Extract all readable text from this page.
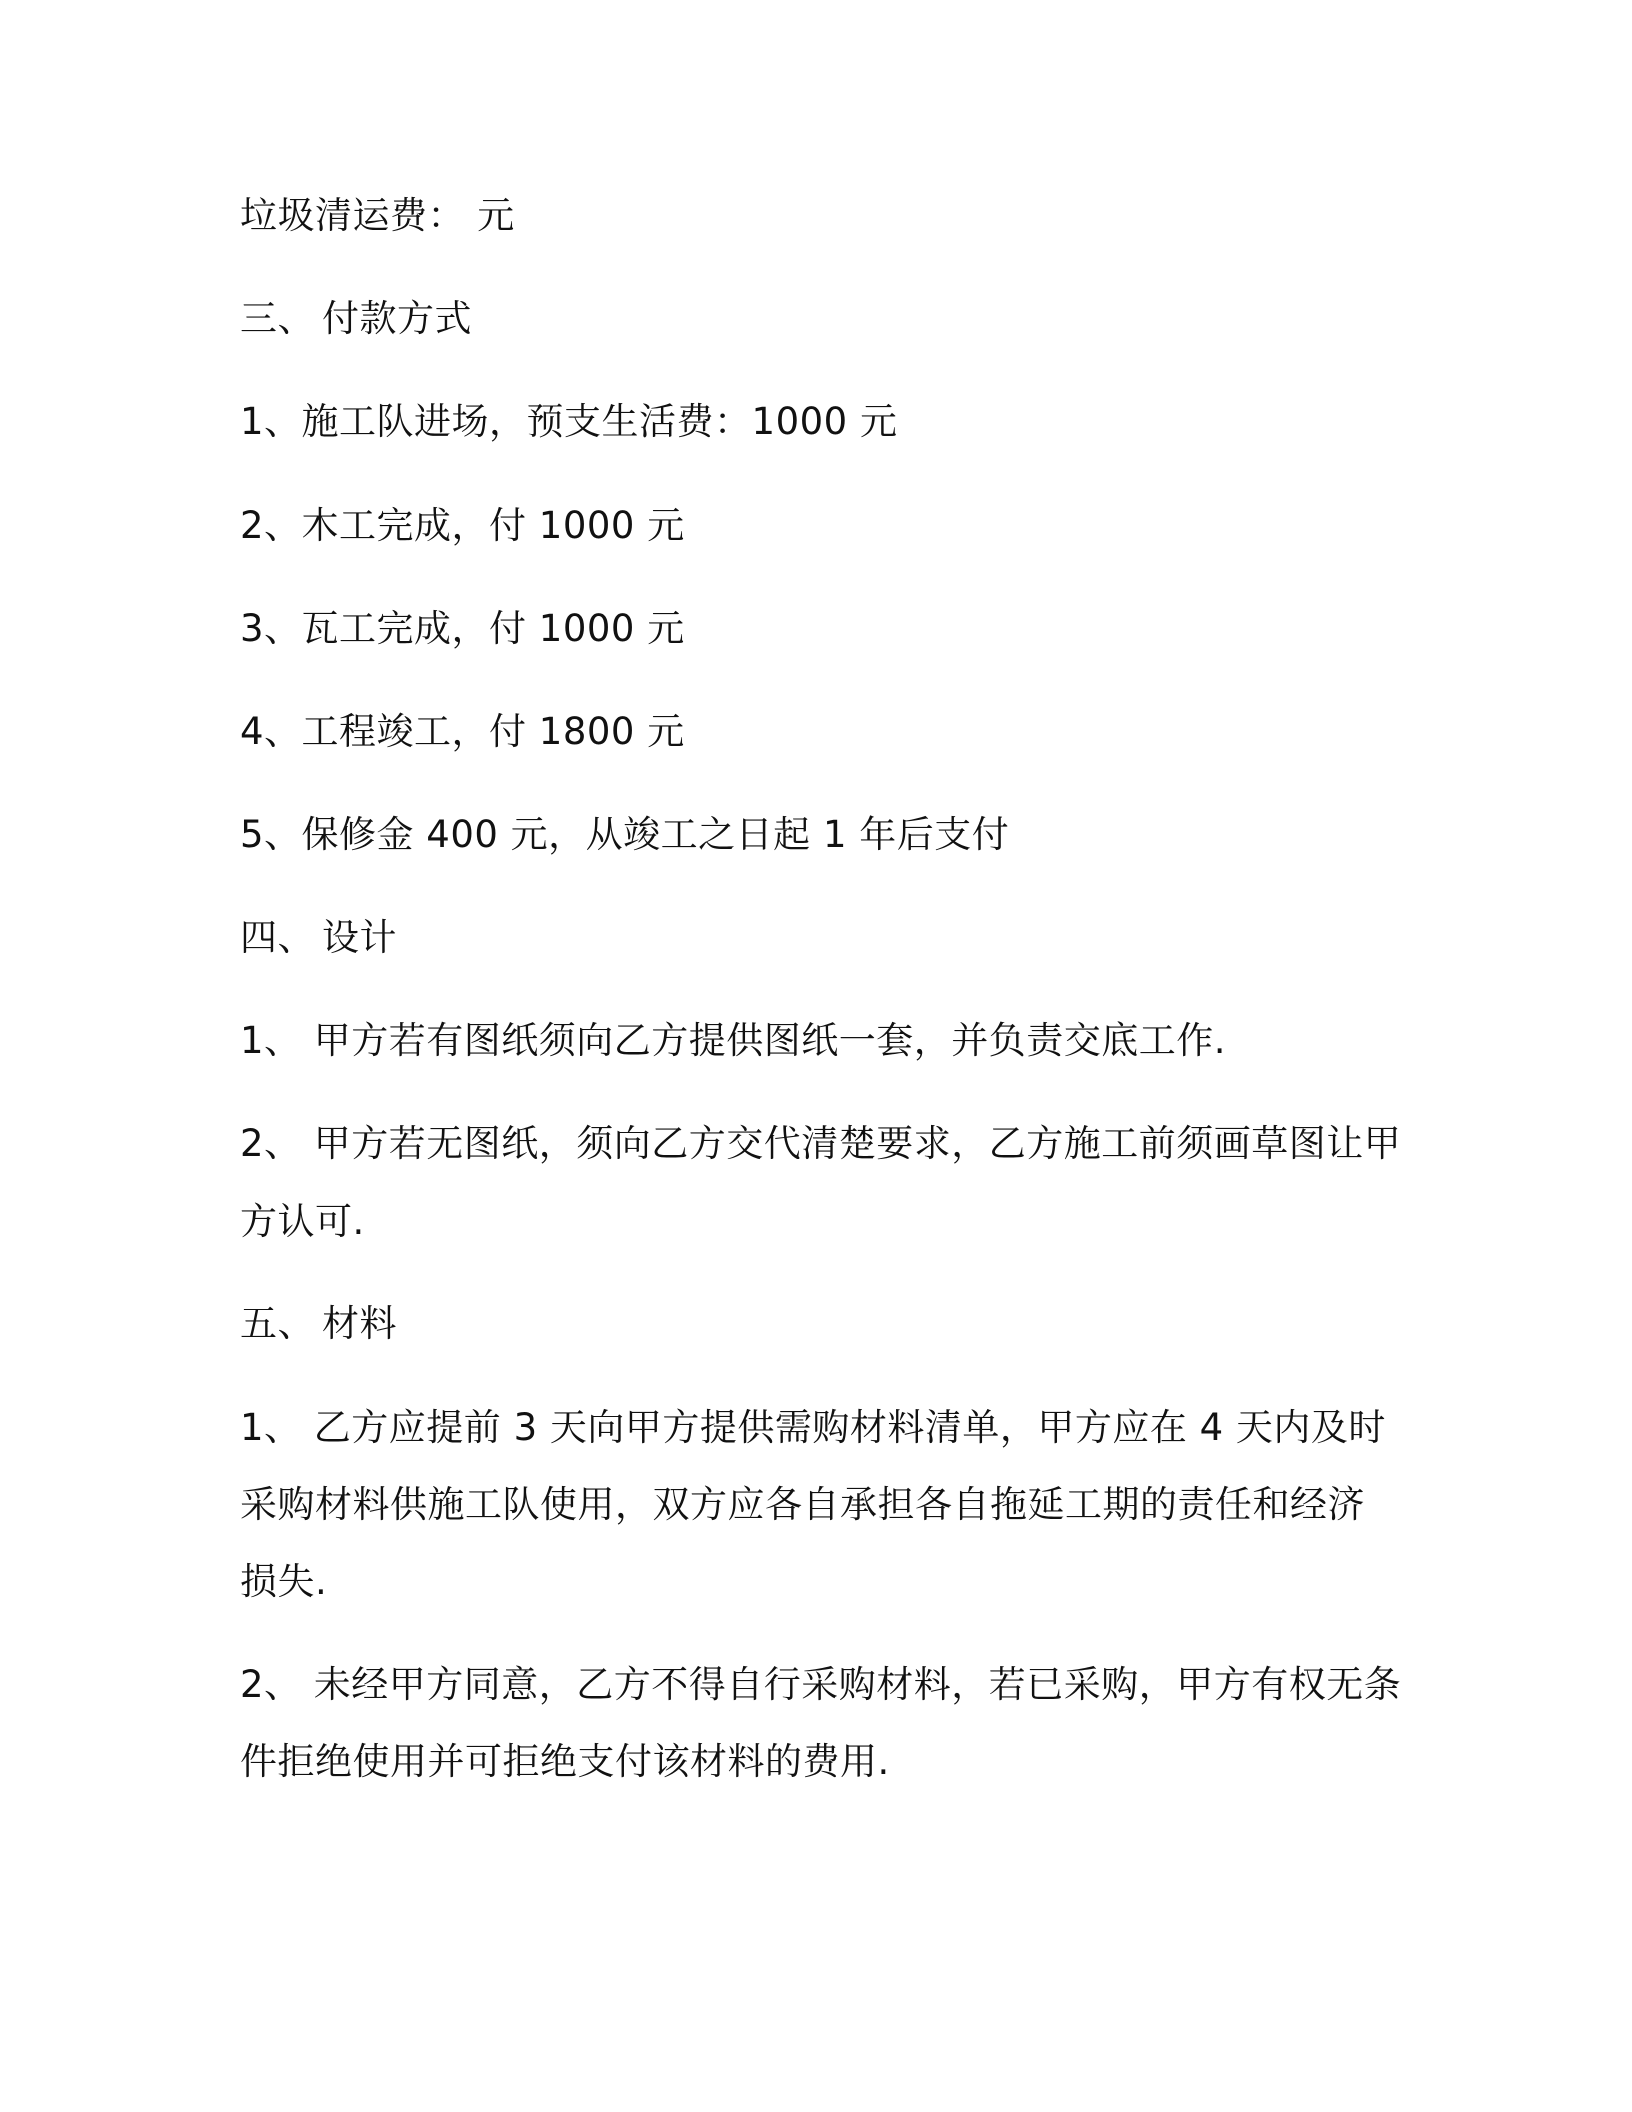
垃圾清运费： 元
三、 付款方式
1、施工队进场，预支生活费：1000 元
2、木工完成，付 1000 元
3、瓦工完成，付 1000 元
4、工程竣工，付 1800 元
5、保修金 400 元，从竣工之日起 1 年后支付
四、 设计
1、 甲方若有图纸须向乙方提供图纸一套，并负责交底工作.
2、 甲方若无图纸，须向乙方交代清楚要求，乙方施工前须画草图让甲
方认可.
五、 材料
1、 乙方应提前 3 天向甲方提供需购材料清单，甲方应在 4 天内及时
采购材料供施工队使用，双方应各自承担各自拖延工期的责任和经济
损失.
2、 未经甲方同意，乙方不得自行采购材料，若已采购，甲方有权无条
件拒绝使用并可拒绝支付该材料的费用.
